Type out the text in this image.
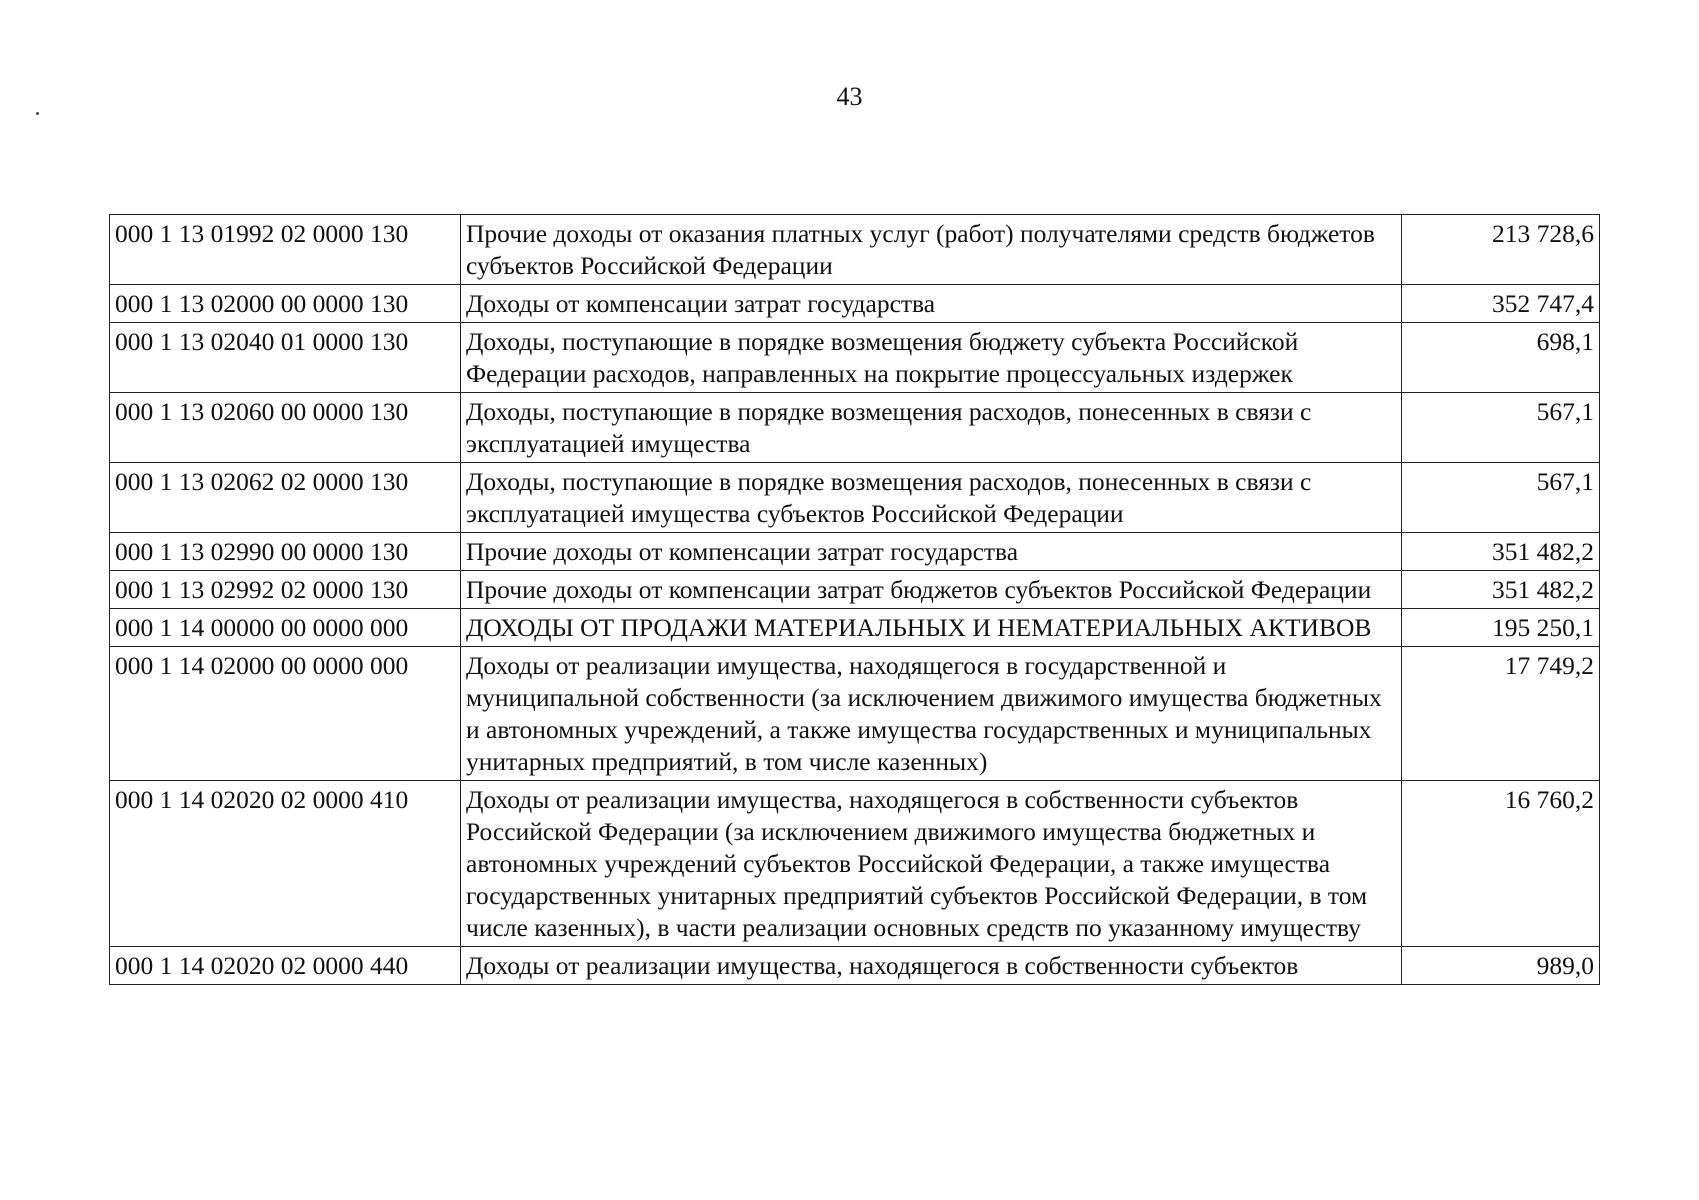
43
000 1 13 01992 02 0000 130	Прочие доходы от оказания платных услуг (работ) получателями средств бюджетов субъектов Российской Федерации	213 728,6
000 1 13 02000 00 0000 130	Доходы от компенсации затрат государства	352 747,4
000 1 13 02040 01 0000 130	Доходы, поступающие в порядке возмещения бюджету субъекта Российской Федерации расходов, направленных на покрытие процессуальных издержек	698,1
000 1 13 02060 00 0000 130	Доходы, поступающие в порядке возмещения расходов, понесенных в связи с эксплуатацией имущества	567,1
000 1 13 02062 02 0000 130	Доходы, поступающие в порядке возмещения расходов, понесенных в связи с эксплуатацией имущества субъектов Российской Федерации	567,1
000 1 13 02990 00 0000 130	Прочие доходы от компенсации затрат государства	351 482,2
000 1 13 02992 02 0000 130	Прочие доходы от компенсации затрат бюджетов субъектов Российской Федерации	351 482,2
000 1 14 00000 00 0000 000	ДОХОДЫ ОТ ПРОДАЖИ МАТЕРИАЛЬНЫХ И НЕМАТЕРИАЛЬНЫХ АКТИВОВ	195 250,1
000 1 14 02000 00 0000 000	Доходы от реализации имущества, находящегося в государственной и муниципальной собственности (за исключением движимого имущества бюджетных и автономных учреждений, а также имущества государственных и муниципальных унитарных предприятий, в том числе казенных)	17 749,2
000 1 14 02020 02 0000 410	Доходы от реализации имущества, находящегося в собственности субъектов Российской Федерации (за исключением движимого имущества бюджетных и автономных учреждений субъектов Российской Федерации, а также имущества государственных унитарных предприятий субъектов Российской Федерации, в том числе казенных), в части реализации основных средств по указанному имуществу	16 760,2
000 1 14 02020 02 0000 440	Доходы от реализации имущества, находящегося в собственности субъектов	989,0
